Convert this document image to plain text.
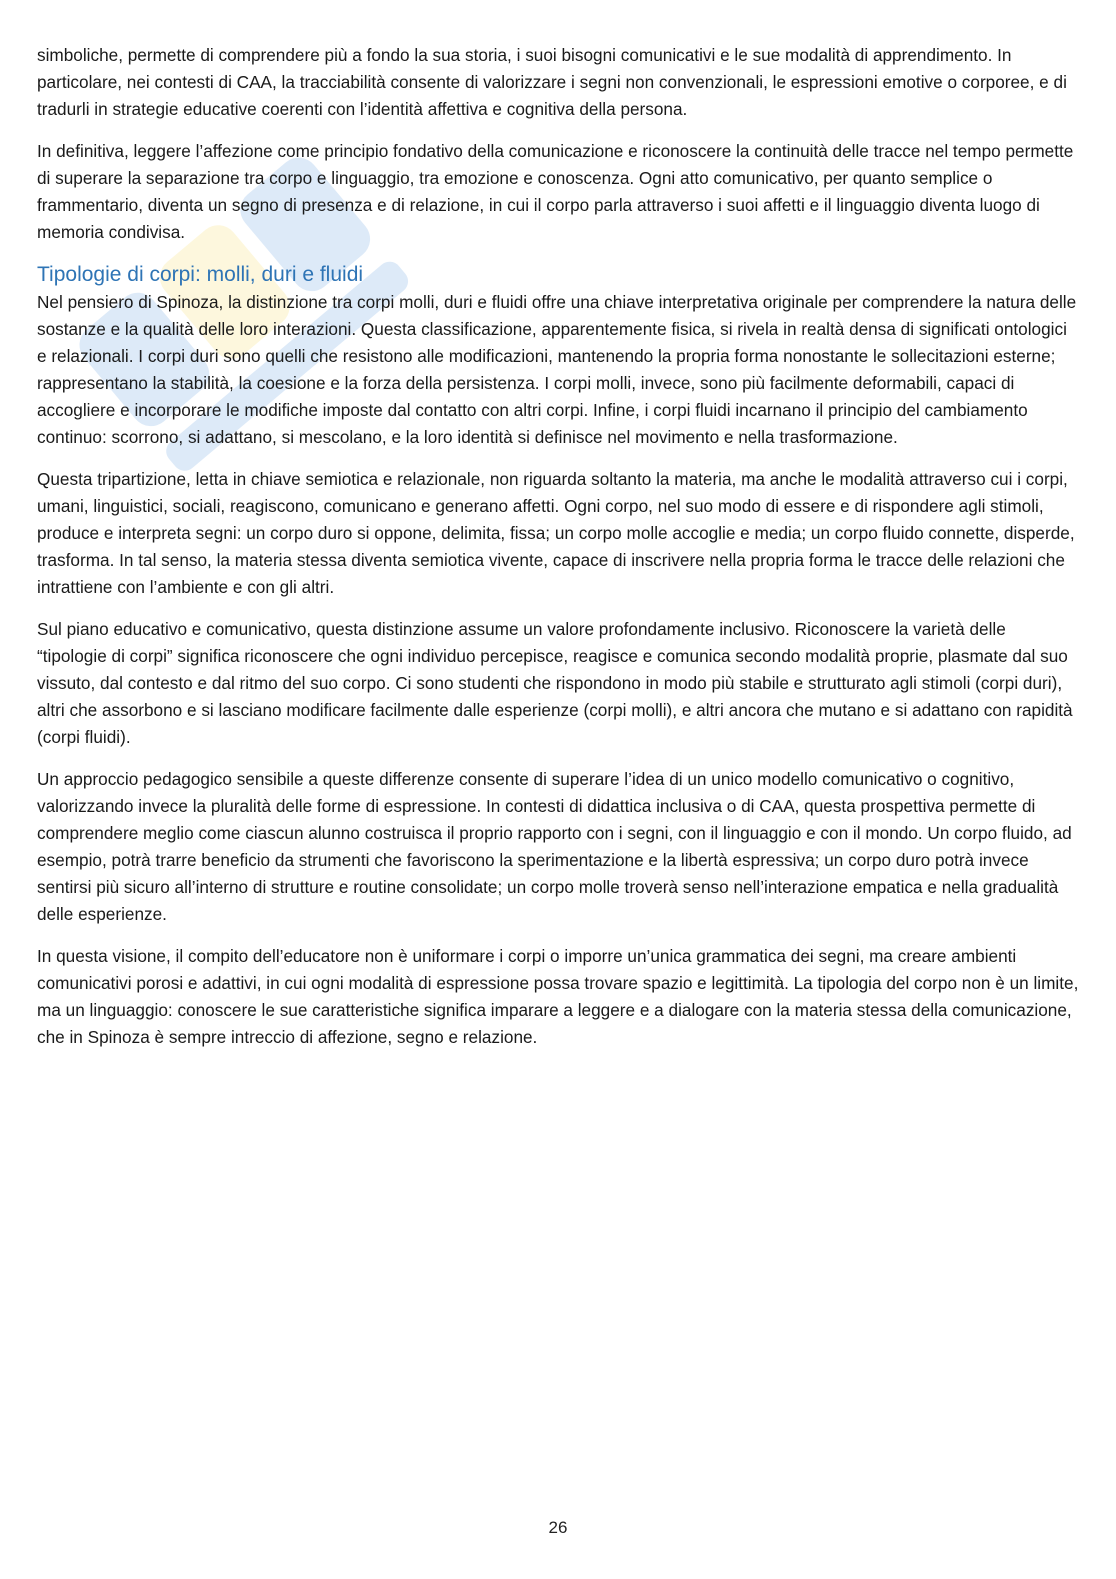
simboliche, permette di comprendere più a fondo la sua storia, i suoi bisogni comunicativi e le sue modalità di apprendimento. In particolare, nei contesti di CAA, la tracciabilità consente di valorizzare i segni non convenzionali, le espressioni emotive o corporee, e di tradurli in strategie educative coerenti con l’identità affettiva e cognitiva della persona.

In definitiva, leggere l’affezione come principio fondativo della comunicazione e riconoscere la continuità delle tracce nel tempo permette di superare la separazione tra corpo e linguaggio, tra emozione e conoscenza. Ogni atto comunicativo, per quanto semplice o frammentario, diventa un segno di presenza e di relazione, in cui il corpo parla attraverso i suoi affetti e il linguaggio diventa luogo di memoria condivisa.

Tipologie di corpi: molli, duri e fluidi

Nel pensiero di Spinoza, la distinzione tra corpi molli, duri e fluidi offre una chiave interpretativa originale per comprendere la natura delle sostanze e la qualità delle loro interazioni. Questa classificazione, apparentemente fisica, si rivela in realtà densa di significati ontologici e relazionali. I corpi duri sono quelli che resistono alle modificazioni, mantenendo la propria forma nonostante le sollecitazioni esterne; rappresentano la stabilità, la coesione e la forza della persistenza. I corpi molli, invece, sono più facilmente deformabili, capaci di accogliere e incorporare le modifiche imposte dal contatto con altri corpi. Infine, i corpi fluidi incarnano il principio del cambiamento continuo: scorrono, si adattano, si mescolano, e la loro identità si definisce nel movimento e nella trasformazione.

Questa tripartizione, letta in chiave semiotica e relazionale, non riguarda soltanto la materia, ma anche le modalità attraverso cui i corpi, umani, linguistici, sociali, reagiscono, comunicano e generano affetti. Ogni corpo, nel suo modo di essere e di rispondere agli stimoli, produce e interpreta segni: un corpo duro si oppone, delimita, fissa; un corpo molle accoglie e media; un corpo fluido connette, disperde, trasforma. In tal senso, la materia stessa diventa semiotica vivente, capace di inscrivere nella propria forma le tracce delle relazioni che intrattiene con l’ambiente e con gli altri.

Sul piano educativo e comunicativo, questa distinzione assume un valore profondamente inclusivo. Riconoscere la varietà delle “tipologie di corpi” significa riconoscere che ogni individuo percepisce, reagisce e comunica secondo modalità proprie, plasmate dal suo vissuto, dal contesto e dal ritmo del suo corpo. Ci sono studenti che rispondono in modo più stabile e strutturato agli stimoli (corpi duri), altri che assorbono e si lasciano modificare facilmente dalle esperienze (corpi molli), e altri ancora che mutano e si adattano con rapidità (corpi fluidi).

Un approccio pedagogico sensibile a queste differenze consente di superare l’idea di un unico modello comunicativo o cognitivo, valorizzando invece la pluralità delle forme di espressione. In contesti di didattica inclusiva o di CAA, questa prospettiva permette di comprendere meglio come ciascun alunno costruisca il proprio rapporto con i segni, con il linguaggio e con il mondo. Un corpo fluido, ad esempio, potrà trarre beneficio da strumenti che favoriscono la sperimentazione e la libertà espressiva; un corpo duro potrà invece sentirsi più sicuro all’interno di strutture e routine consolidate; un corpo molle troverà senso nell’interazione empatica e nella gradualità delle esperienze.

In questa visione, il compito dell’educatore non è uniformare i corpi o imporre un’unica grammatica dei segni, ma creare ambienti comunicativi porosi e adattivi, in cui ogni modalità di espressione possa trovare spazio e legittimità. La tipologia del corpo non è un limite, ma un linguaggio: conoscere le sue caratteristiche significa imparare a leggere e a dialogare con la materia stessa della comunicazione, che in Spinoza è sempre intreccio di affezione, segno e relazione.

26
